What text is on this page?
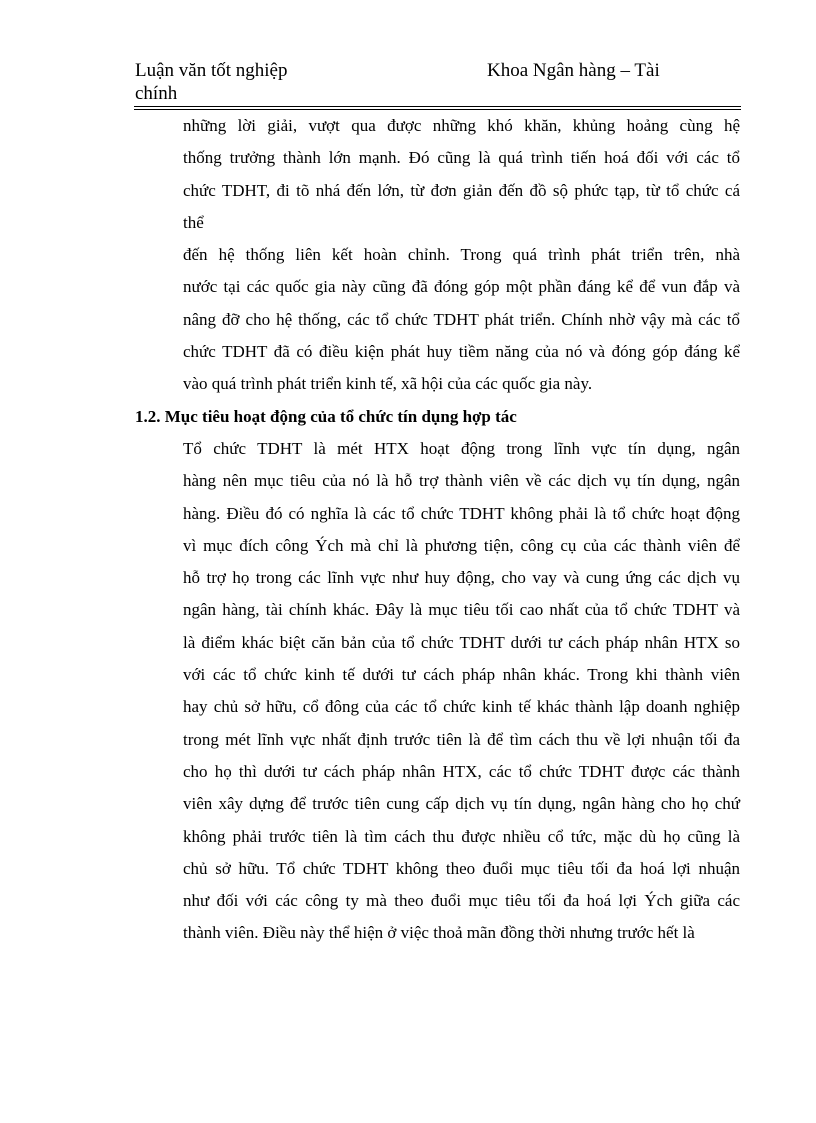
Luận văn tốt nghiệp	Khoa Ngân hàng – Tài
chính

những lời giải, vượt qua được những khó khăn, khủng hoảng cùng hệ

thống trưởng thành lớn mạnh. Đó cũng là quá trình tiến hoá đối với các tổ

chức TDHT, đi tõ nhá đến lớn, từ đơn giản đến đồ sộ phức tạp, từ tổ chức cá

thể

đến hệ thống liên kết hoàn chỉnh. Trong quá trình phát triển trên, nhà

nước tại các quốc gia này cũng đã đóng góp một phần đáng kể để vun đắp và

nâng đỡ cho hệ thống, các tổ chức TDHT phát triển. Chính nhờ vậy mà các tổ

chức TDHT đã có điều kiện phát huy tiềm năng của nó và đóng góp đáng kể

vào quá trình phát triển kinh tế, xã hội của các quốc gia này.

1.2. Mục tiêu hoạt động của tổ chức tín dụng hợp tác

Tổ chức TDHT là mét HTX hoạt động trong lĩnh vực tín dụng, ngân

hàng nên mục tiêu của nó là hỗ trợ thành viên về các dịch vụ tín dụng, ngân

hàng. Điều đó có nghĩa là các tổ chức TDHT không phải là tổ chức hoạt động

vì mục đích công Ých mà chỉ là phương tiện, công cụ của các thành viên để

hỗ trợ họ trong các lĩnh vực như huy động, cho vay và cung ứng các dịch vụ

ngân hàng, tài chính khác. Đây là mục tiêu tối cao nhất của tổ chức TDHT và

là điểm khác biệt căn bản của tổ chức TDHT dưới tư cách pháp nhân HTX so

với các tổ chức kinh tế dưới tư cách pháp nhân khác. Trong khi thành viên

hay chủ sở hữu, cổ đông của các tổ chức kinh tế khác thành lập doanh nghiệp

trong mét lĩnh vực nhất định trước tiên là để tìm cách thu về lợi nhuận tối đa

cho họ thì dưới tư cách pháp nhân HTX, các tổ chức TDHT được các thành

viên xây dựng để trước tiên cung cấp dịch vụ tín dụng, ngân hàng cho họ chứ

không phải trước tiên là tìm cách thu được nhiều cổ tức, mặc dù họ cũng là

chủ sở hữu. Tổ chức TDHT không theo đuổi mục tiêu tối đa hoá lợi nhuận

như đối với các công ty mà theo đuổi mục tiêu tối đa hoá lợi Ých giữa các

thành viên. Điều này thể hiện ở việc thoả mãn đồng thời nhưng trước hết là
